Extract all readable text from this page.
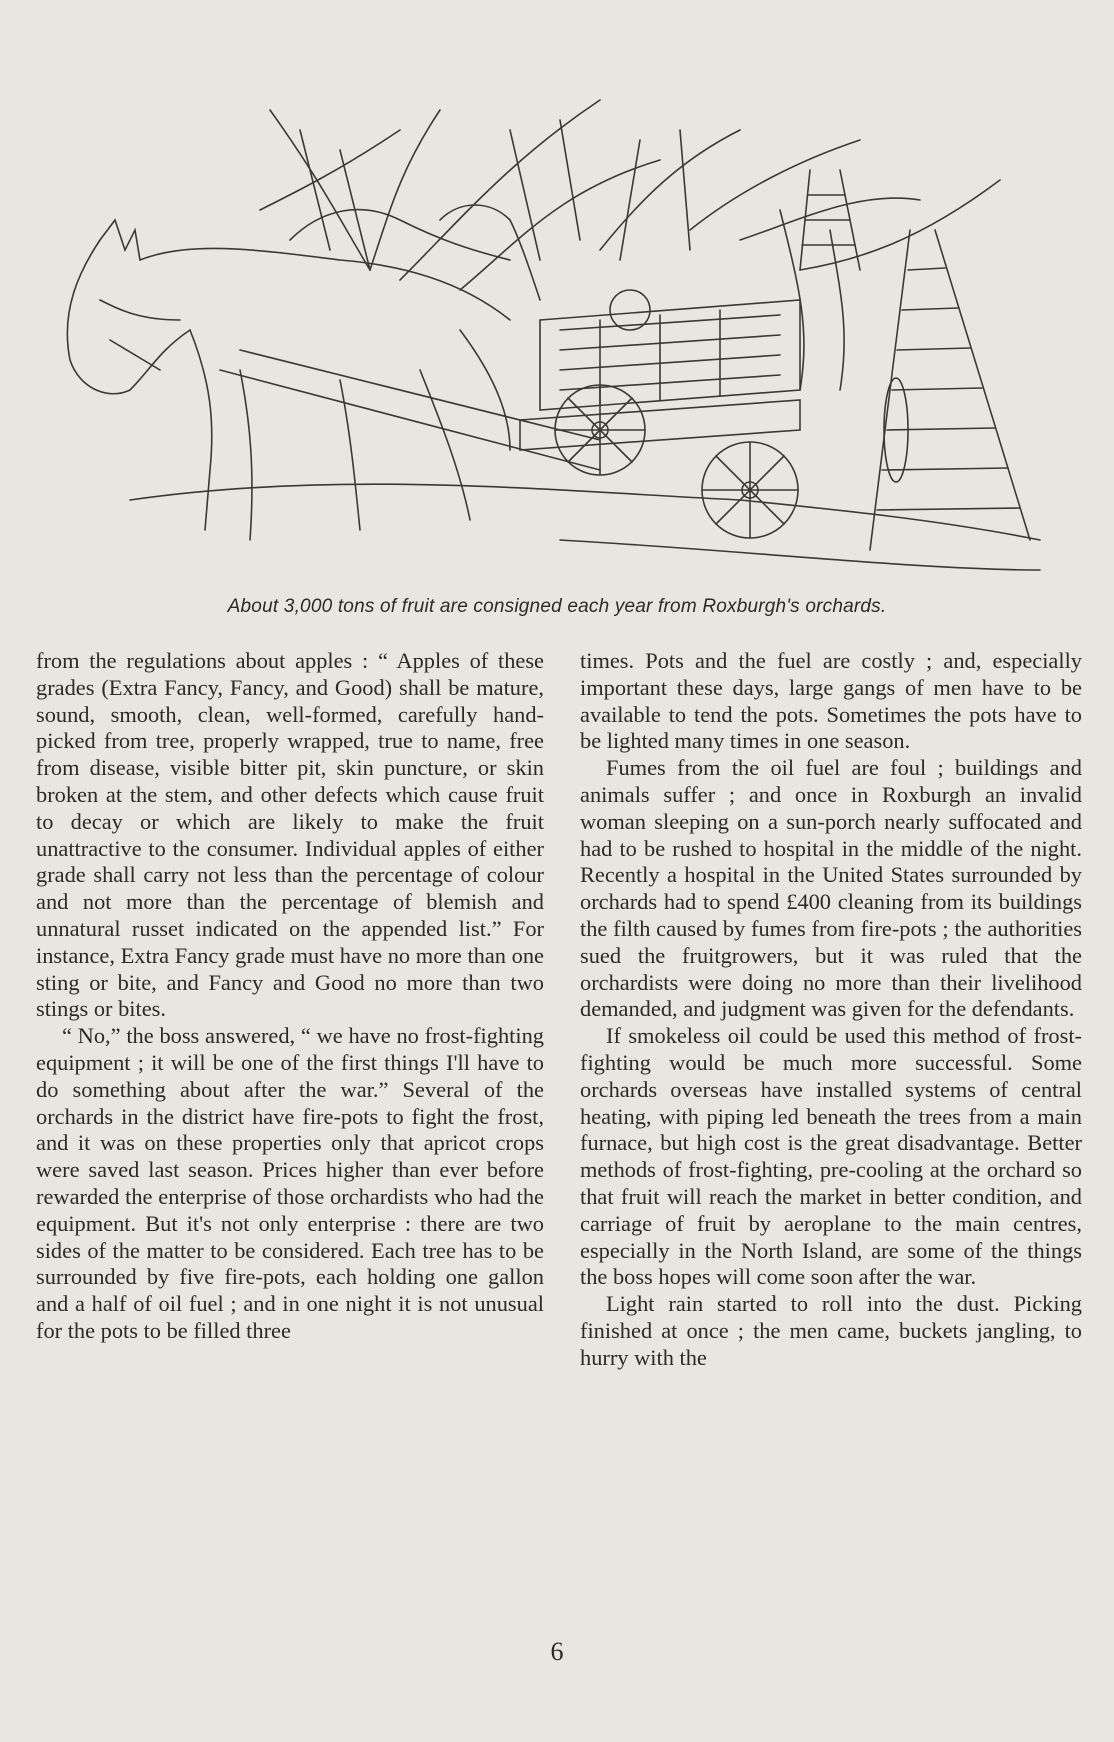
About 3,000 tons of fruit are consigned each year from Roxburgh's orchards.

from the regulations about apples : “ Apples of these grades (Extra Fancy, Fancy, and Good) shall be mature, sound, smooth, clean, well-formed, carefully hand-picked from tree, properly wrapped, true to name, free from disease, visible bitter pit, skin puncture, or skin broken at the stem, and other defects which cause fruit to decay or which are likely to make the fruit unattractive to the consumer. Individual apples of either grade shall carry not less than the percentage of colour and not more than the percentage of blemish and unnatural russet indicated on the appended list.” For instance, Extra Fancy grade must have no more than one sting or bite, and Fancy and Good no more than two stings or bites.

“ No,” the boss answered, “ we have no frost-fighting equipment ; it will be one of the first things I'll have to do something about after the war.” Several of the orchards in the district have fire-pots to fight the frost, and it was on these properties only that apricot crops were saved last season. Prices higher than ever before rewarded the enterprise of those orchardists who had the equipment. But it's not only enterprise : there are two sides of the matter to be considered. Each tree has to be surrounded by five fire-pots, each holding one gallon and a half of oil fuel ; and in one night it is not unusual for the pots to be filled three

times. Pots and the fuel are costly ; and, especially important these days, large gangs of men have to be available to tend the pots. Sometimes the pots have to be lighted many times in one season.

Fumes from the oil fuel are foul ; buildings and animals suffer ; and once in Roxburgh an invalid woman sleeping on a sun-porch nearly suffocated and had to be rushed to hospital in the middle of the night. Recently a hospital in the United States surrounded by orchards had to spend £400 cleaning from its buildings the filth caused by fumes from fire-pots ; the authorities sued the fruitgrowers, but it was ruled that the orchardists were doing no more than their livelihood demanded, and judgment was given for the defendants.

If smokeless oil could be used this method of frost-fighting would be much more successful. Some orchards overseas have installed systems of central heating, with piping led beneath the trees from a main furnace, but high cost is the great disadvantage. Better methods of frost-fighting, pre-cooling at the orchard so that fruit will reach the market in better condition, and carriage of fruit by aeroplane to the main centres, especially in the North Island, are some of the things the boss hopes will come soon after the war.

Light rain started to roll into the dust. Picking finished at once ; the men came, buckets jangling, to hurry with the

6
